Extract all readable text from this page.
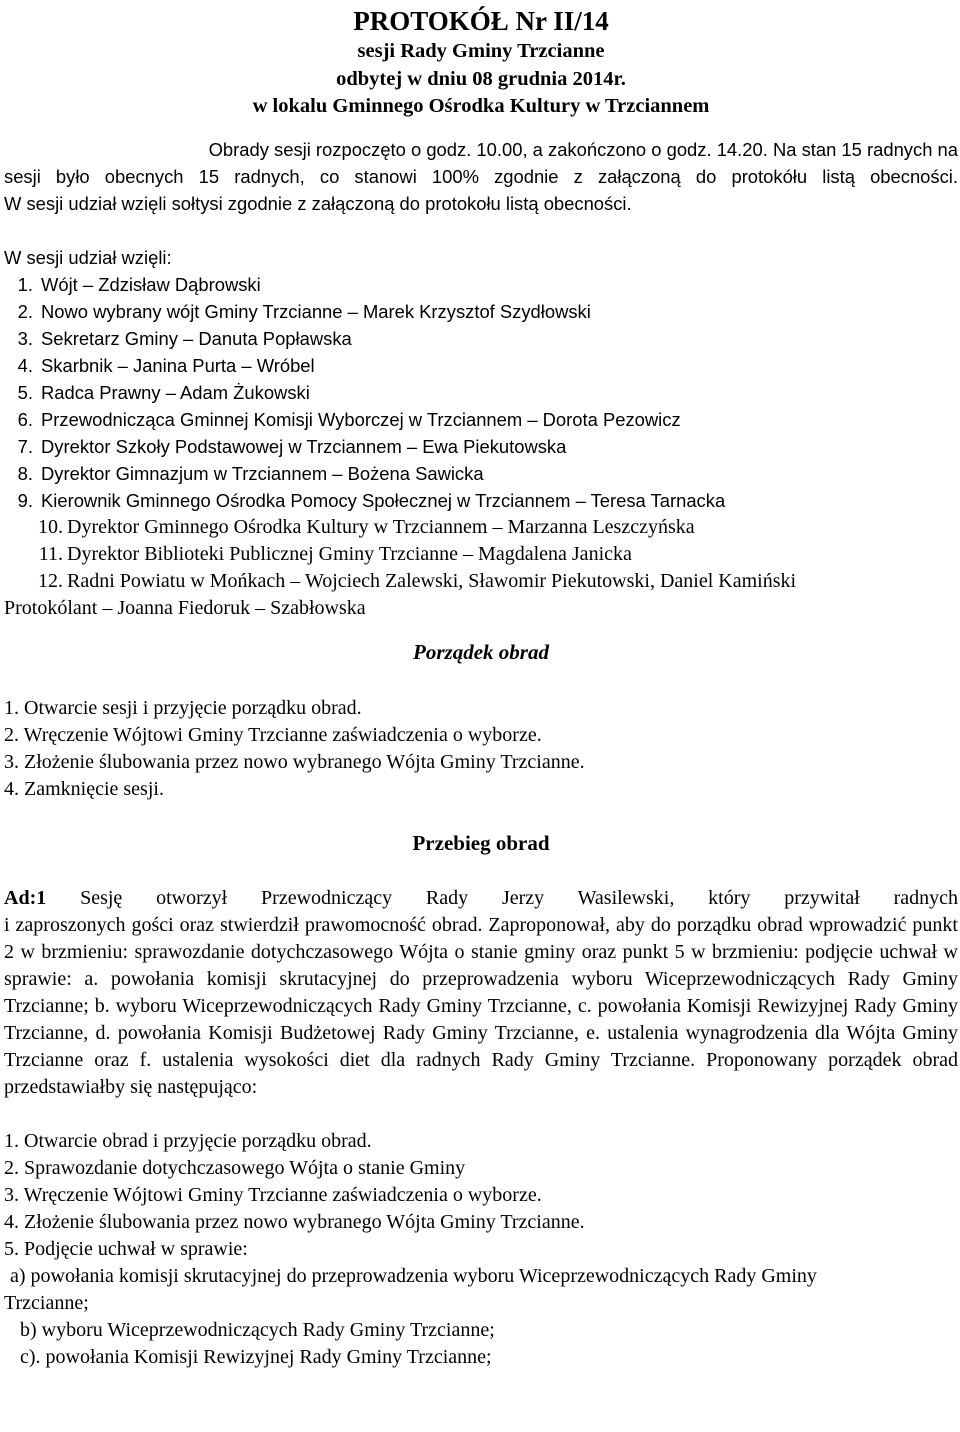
PROTOKÓŁ Nr II/14
sesji Rady Gminy Trzcianne
odbytej w dniu 08 grudnia 2014r.
w lokalu Gminnego Ośrodka Kultury w Trzciannem
Obrady sesji rozpoczęto o godz. 10.00, a zakończono o godz. 14.20. Na stan 15 radnych na
sesji było obecnych 15 radnych, co stanowi 100% zgodnie z załączoną do protokółu listą obecności.
W sesji udział wzięli sołtysi zgodnie z załączoną do protokołu listą obecności.
W sesji udział wzięli:
1. Wójt – Zdzisław Dąbrowski
2. Nowo wybrany wójt Gminy Trzcianne – Marek Krzysztof Szydłowski
3. Sekretarz Gminy – Danuta Popławska
4. Skarbnik – Janina Purta – Wróbel
5. Radca Prawny – Adam Żukowski
6. Przewodnicząca Gminnej Komisji Wyborczej w Trzciannem – Dorota Pezowicz
7. Dyrektor Szkoły Podstawowej w Trzciannem – Ewa Piekutowska
8. Dyrektor Gimnazjum w Trzciannem – Bożena Sawicka
9. Kierownik Gminnego Ośrodka Pomocy Społecznej w Trzciannem – Teresa Tarnacka
10. Dyrektor Gminnego Ośrodka Kultury w Trzciannem – Marzanna Leszczyńska
11. Dyrektor Biblioteki Publicznej Gminy Trzcianne – Magdalena Janicka
12. Radni Powiatu w Mońkach – Wojciech Zalewski, Sławomir Piekutowski, Daniel Kamiński
Protokólant – Joanna Fiedoruk – Szabłowska
Porządek obrad
1. Otwarcie sesji i przyjęcie porządku obrad.
2. Wręczenie Wójtowi Gminy Trzcianne zaświadczenia o wyborze.
3. Złożenie ślubowania przez nowo wybranego Wójta Gminy Trzcianne.
4. Zamknięcie sesji.
Przebieg obrad
Ad:1 Sesję otworzył Przewodniczący Rady Jerzy Wasilewski, który przywitał radnych
i zaproszonych gości oraz stwierdził prawomocność obrad. Zaproponował, aby do porządku obrad wprowadzić punkt 2 w brzmieniu: sprawozdanie dotychczasowego Wójta o stanie gminy oraz punkt 5 w brzmieniu: podjęcie uchwał w sprawie: a. powołania komisji skrutacyjnej do przeprowadzenia wyboru Wiceprzewodniczących Rady Gminy Trzcianne; b. wyboru Wiceprzewodniczących Rady Gminy Trzcianne, c. powołania Komisji Rewizyjnej Rady Gminy Trzcianne, d. powołania Komisji Budżetowej Rady Gminy Trzcianne, e. ustalenia wynagrodzenia dla Wójta Gminy Trzcianne oraz f. ustalenia wysokości diet dla radnych Rady Gminy Trzcianne. Proponowany porządek obrad przedstawiałby się następująco:
1. Otwarcie obrad i przyjęcie porządku obrad.
2. Sprawozdanie dotychczasowego Wójta o stanie Gminy
3. Wręczenie Wójtowi Gminy Trzcianne zaświadczenia o wyborze.
4. Złożenie ślubowania przez nowo wybranego Wójta Gminy Trzcianne.
5. Podjęcie uchwał w sprawie:
a) powołania komisji skrutacyjnej do przeprowadzenia wyboru Wiceprzewodniczących Rady Gminy
Trzcianne;
b) wyboru Wiceprzewodniczących Rady Gminy Trzcianne;
c). powołania Komisji Rewizyjnej Rady Gminy Trzcianne;
